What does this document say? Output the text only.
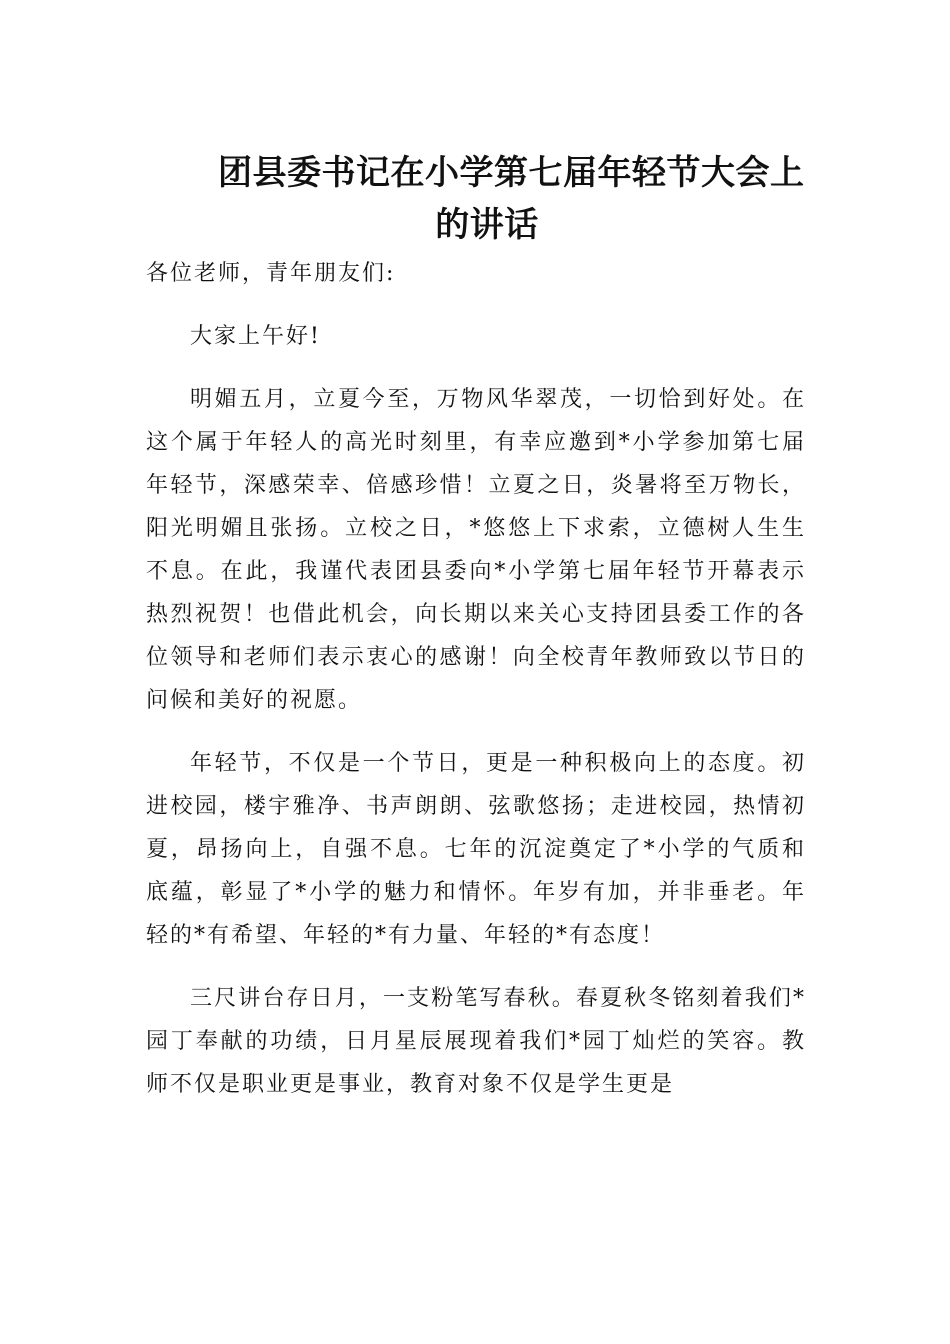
团县委书记在小学第七届年轻节大会上
的讲话

各位老师，青年朋友们:

大家上午好!

明媚五月，立夏今至，万物风华翠茂，一切恰到好处。在这个属于年轻人的高光时刻里，有幸应邀到*小学参加第七届年轻节，深感荣幸、倍感珍惜！立夏之日，炎暑将至万物长，阳光明媚且张扬。立校之日，*悠悠上下求索，立德树人生生不息。在此，我谨代表团县委向*小学第七届年轻节开幕表示热烈祝贺！也借此机会，向长期以来关心支持团县委工作的各位领导和老师们表示衷心的感谢！向全校青年教师致以节日的问候和美好的祝愿。

年轻节，不仅是一个节日，更是一种积极向上的态度。初进校园，楼宇雅净、书声朗朗、弦歌悠扬；走进校园，热情初夏，昂扬向上，自强不息。七年的沉淀奠定了*小学的气质和底蕴，彰显了*小学的魅力和情怀。年岁有加，并非垂老。年轻的*有希望、年轻的*有力量、年轻的*有态度！

三尺讲台存日月，一支粉笔写春秋。春夏秋冬铭刻着我们*园丁奉献的功绩，日月星辰展现着我们*园丁灿烂的笑容。教师不仅是职业更是事业，教育对象不仅是学生更是
